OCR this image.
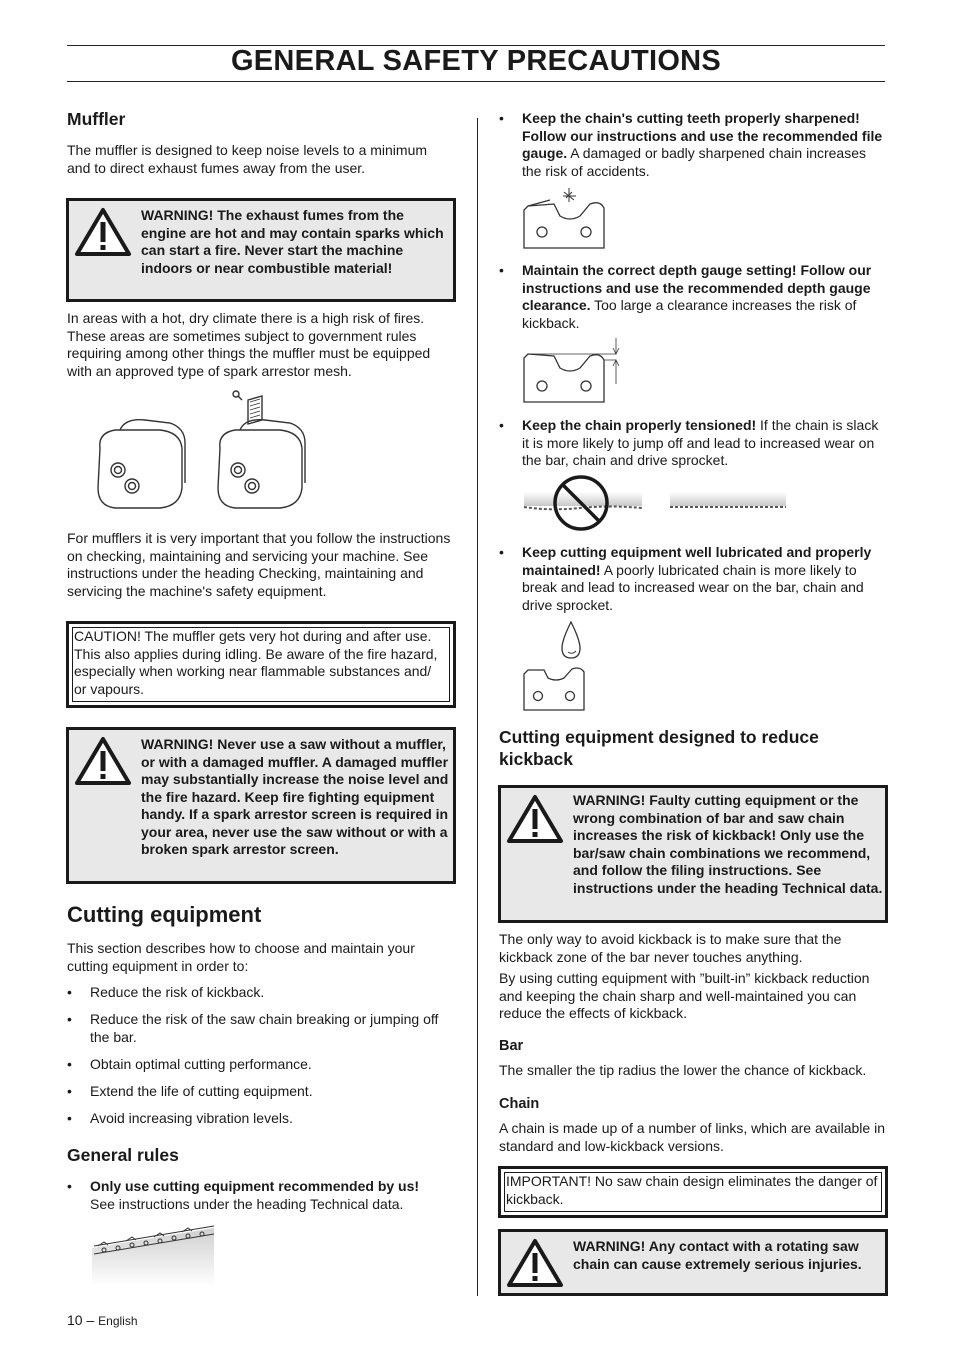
GENERAL SAFETY PRECAUTIONS
Muffler

The muffler is designed to keep noise levels to a minimum and to direct exhaust fumes away from the user.

WARNING! The exhaust fumes from the engine are hot and may contain sparks which can start a fire. Never start the machine indoors or near combustible material!

In areas with a hot, dry climate there is a high risk of fires. These areas are sometimes subject to government rules requiring among other things the muffler must be equipped with an approved type of spark arrestor mesh.

For mufflers it is very important that you follow the instructions on checking, maintaining and servicing your machine. See instructions under the heading Checking, maintaining and servicing the machine's safety equipment.

CAUTION! The muffler gets very hot during and after use. This also applies during idling. Be aware of the fire hazard, especially when working near flammable substances and/ or vapours.

WARNING! Never use a saw without a muffler, or with a damaged muffler. A damaged muffler may substantially increase the noise level and the fire hazard. Keep fire fighting equipment handy. If a spark arrestor screen is required in your area, never use the saw without or with a broken spark arrestor screen.
Cutting equipment

This section describes how to choose and maintain your cutting equipment in order to:

• Reduce the risk of kickback.
• Reduce the risk of the saw chain breaking or jumping off the bar.
• Obtain optimal cutting performance.
• Extend the life of cutting equipment.
• Avoid increasing vibration levels.
General rules
• Only use cutting equipment recommended by us!
See instructions under the heading Technical data.
10 – English
• Keep the chain's cutting teeth properly sharpened! Follow our instructions and use the recommended file gauge. A damaged or badly sharpened chain increases the risk of accidents.
• Maintain the correct depth gauge setting! Follow our instructions and use the recommended depth gauge clearance. Too large a clearance increases the risk of kickback.
• Keep the chain properly tensioned! If the chain is slack it is more likely to jump off and lead to increased wear on the bar, chain and drive sprocket.
• Keep cutting equipment well lubricated and properly maintained! A poorly lubricated chain is more likely to break and lead to increased wear on the bar, chain and drive sprocket.
Cutting equipment designed to reduce kickback
WARNING! Faulty cutting equipment or the wrong combination of bar and saw chain increases the risk of kickback! Only use the bar/saw chain combinations we recommend, and follow the filing instructions. See instructions under the heading Technical data.

The only way to avoid kickback is to make sure that the kickback zone of the bar never touches anything.

By using cutting equipment with ”built-in” kickback reduction and keeping the chain sharp and well-maintained you can reduce the effects of kickback.

Bar

The smaller the tip radius the lower the chance of kickback.

Chain

A chain is made up of a number of links, which are available in standard and low-kickback versions.

IMPORTANT! No saw chain design eliminates the danger of kickback.

WARNING! Any contact with a rotating saw chain can cause extremely serious injuries.
